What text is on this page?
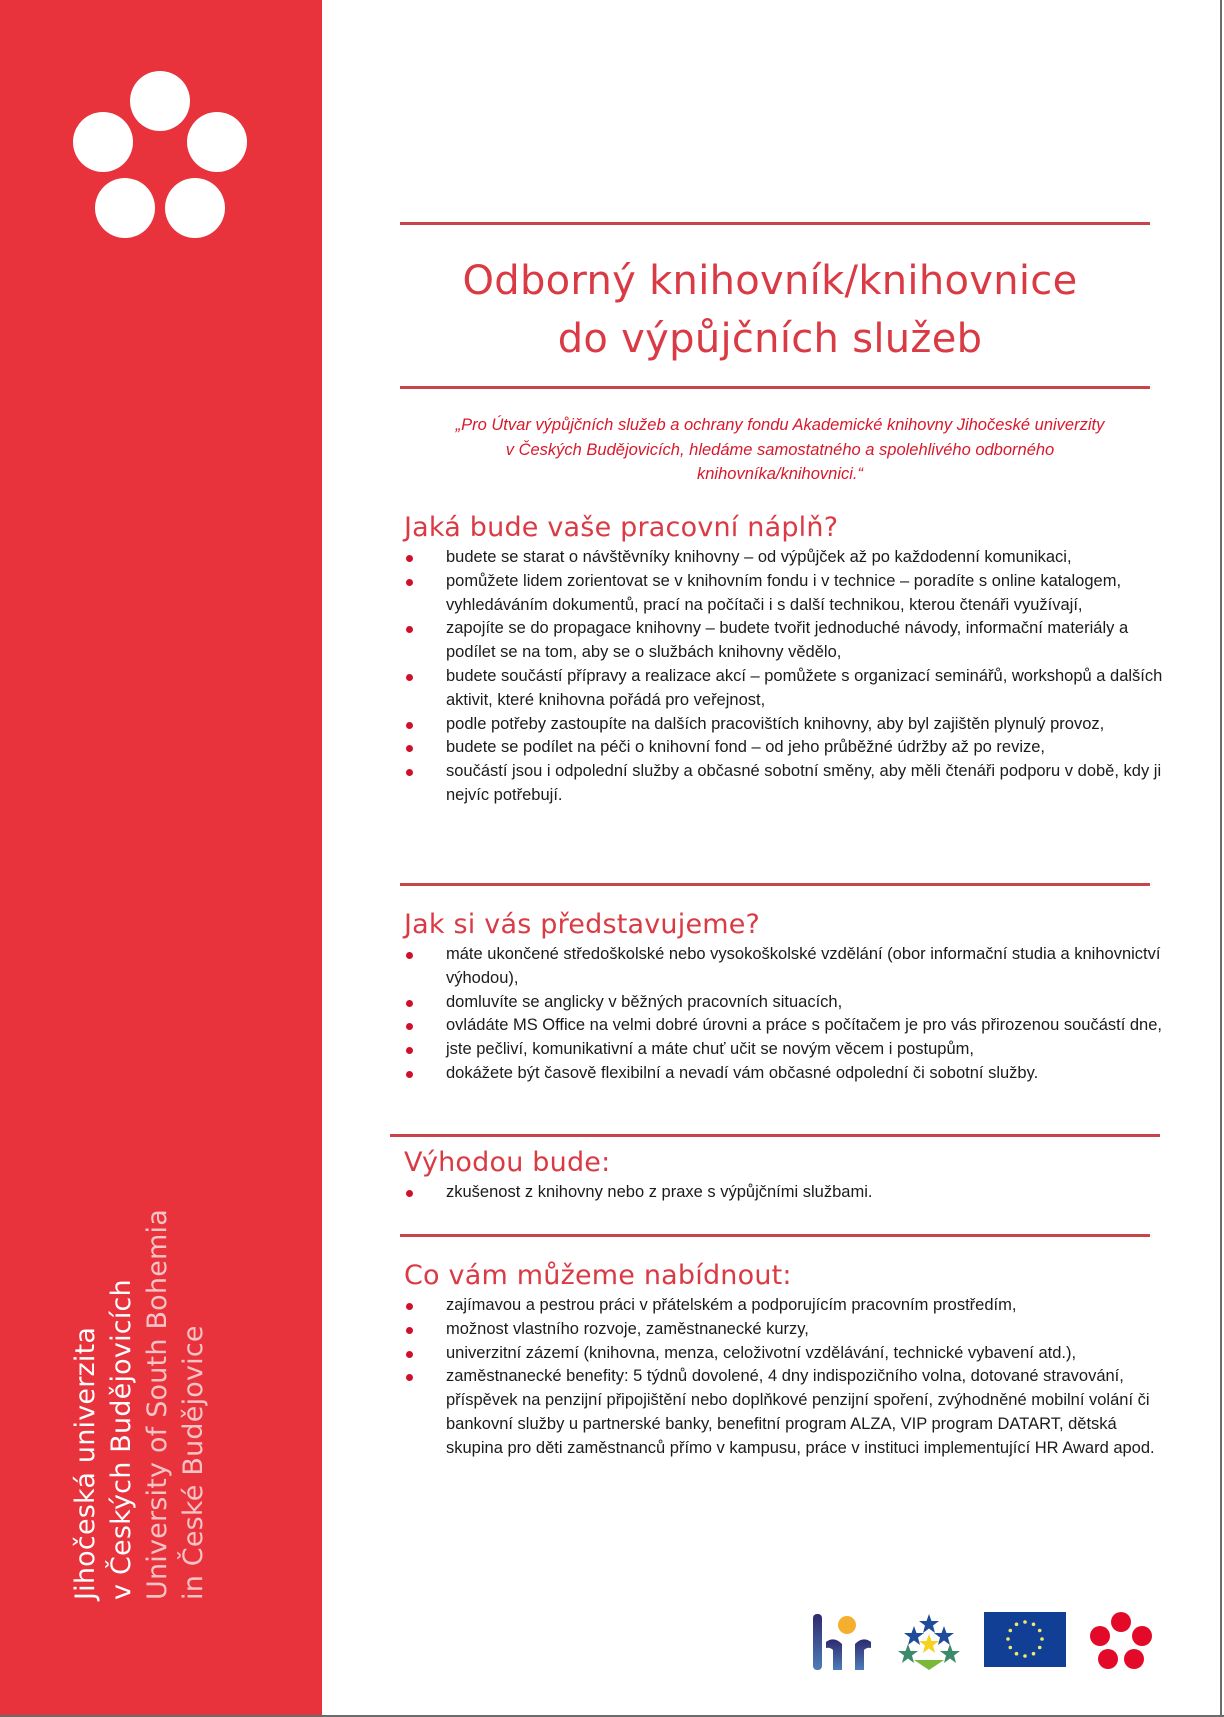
Jihočeská univerzita v Českých Budějovicích University of South Bohemia in České Budějovice
Odborný knihovník/knihovnice
do výpůjčních služeb
„Pro Útvar výpůjčních služeb a ochrany fondu Akademické knihovny Jihočeské univerzity
v Českých Budějovicích, hledáme samostatného a spolehlivého odborného
knihovníka/knihovnici.“
Jaká bude vaše pracovní náplň?
budete se starat o návštěvníky knihovny – od výpůjček až po každodenní komunikaci,
pomůžete lidem zorientovat se v knihovním fondu i v technice – poradíte s online katalogem, vyhledáváním dokumentů, prací na počítači i s další technikou, kterou čtenáři využívají,
zapojíte se do propagace knihovny – budete tvořit jednoduché návody, informační materiály a podílet se na tom, aby se o službách knihovny vědělo,
budete součástí přípravy a realizace akcí – pomůžete s organizací seminářů, workshopů a dalších aktivit, které knihovna pořádá pro veřejnost,
podle potřeby zastoupíte na dalších pracovištích knihovny, aby byl zajištěn plynulý provoz,
budete se podílet na péči o knihovní fond – od jeho průběžné údržby až po revize,
součástí jsou i odpolední služby a občasné sobotní směny, aby měli čtenáři podporu v době, kdy ji nejvíc potřebují.
Jak si vás představujeme?
máte ukončené středoškolské nebo vysokoškolské vzdělání (obor informační studia a knihovnictví výhodou),
domluvíte se anglicky v běžných pracovních situacích,
ovládáte MS Office na velmi dobré úrovni a práce s počítačem je pro vás přirozenou součástí dne,
jste pečliví, komunikativní a máte chuť učit se novým věcem i postupům,
dokážete být časově flexibilní a nevadí vám občasné odpolední či sobotní služby.
Výhodou bude:
zkušenost z knihovny nebo z praxe s výpůjčními službami.
Co vám můžeme nabídnout:
zajímavou a pestrou práci v přátelském a podporujícím pracovním prostředím,
možnost vlastního rozvoje, zaměstnanecké kurzy,
univerzitní zázemí (knihovna, menza, celoživotní vzdělávání, technické vybavení atd.),
zaměstnanecké benefity: 5 týdnů dovolené, 4 dny indispozičního volna, dotované stravování, příspěvek na penzijní připojištění nebo doplňkové penzijní spoření, zvýhodněné mobilní volání či bankovní služby u partnerské banky, benefitní program ALZA, VIP program DATART, dětská skupina pro děti zaměstnanců přímo v kampusu, práce v instituci implementující HR Award apod.
